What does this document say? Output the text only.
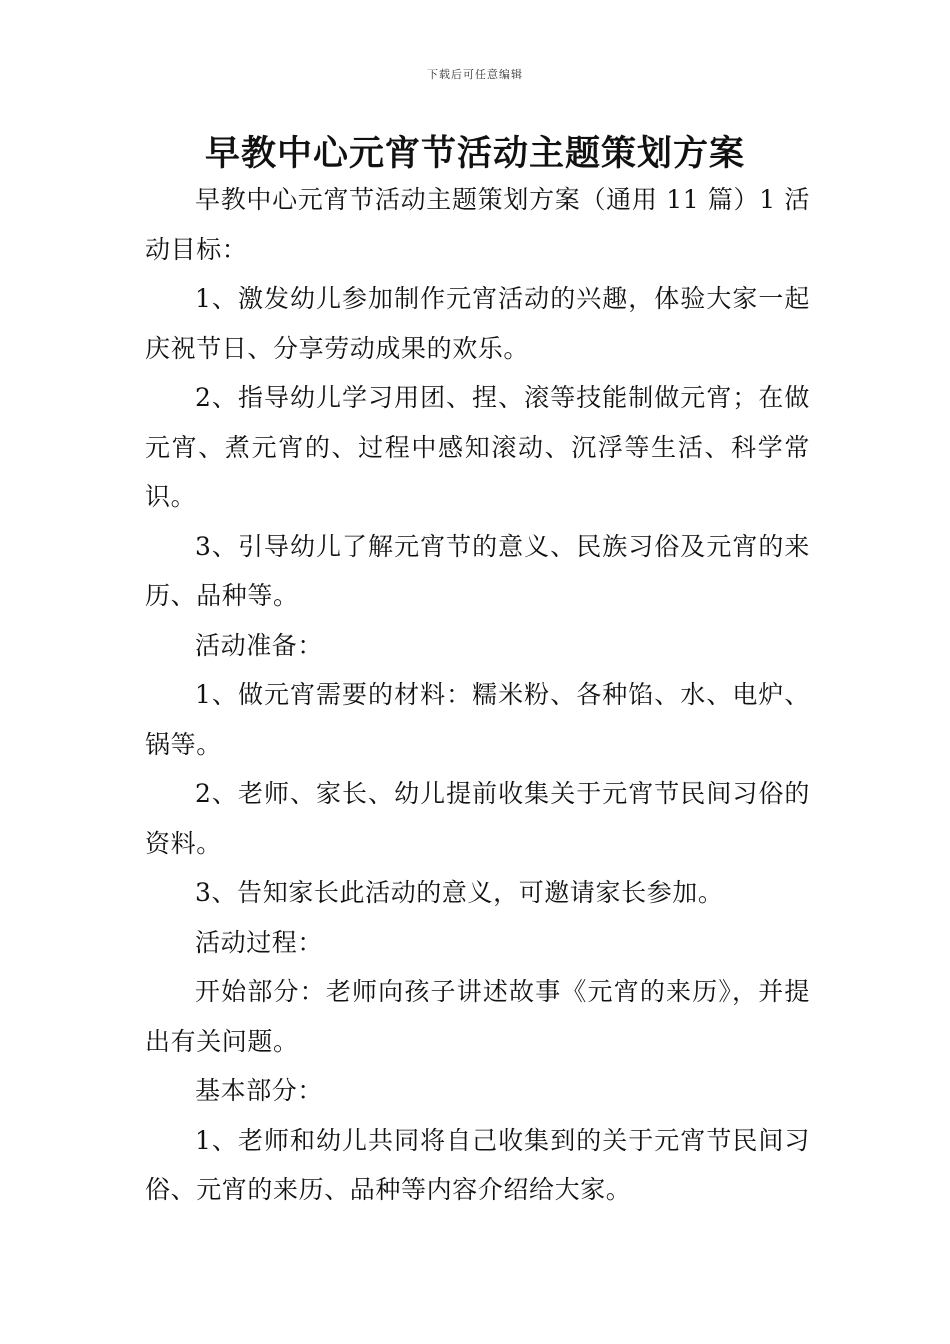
下载后可任意编辑
早教中心元宵节活动主题策划方案

早教中心元宵节活动主题策划方案（通用 11 篇）1 活动目标：

1、激发幼儿参加制作元宵活动的兴趣，体验大家一起庆祝节日、分享劳动成果的欢乐。

2、指导幼儿学习用团、捏、滚等技能制做元宵；在做元宵、煮元宵的、过程中感知滚动、沉浮等生活、科学常识。

3、引导幼儿了解元宵节的意义、民族习俗及元宵的来历、品种等。

活动准备：

1、做元宵需要的材料：糯米粉、各种馅、水、电炉、锅等。

2、老师、家长、幼儿提前收集关于元宵节民间习俗的资料。

3、告知家长此活动的意义，可邀请家长参加。

活动过程：

开始部分：老师向孩子讲述故事《元宵的来历》，并提出有关问题。

基本部分：

1、老师和幼儿共同将自己收集到的关于元宵节民间习俗、元宵的来历、品种等内容介绍给大家。
